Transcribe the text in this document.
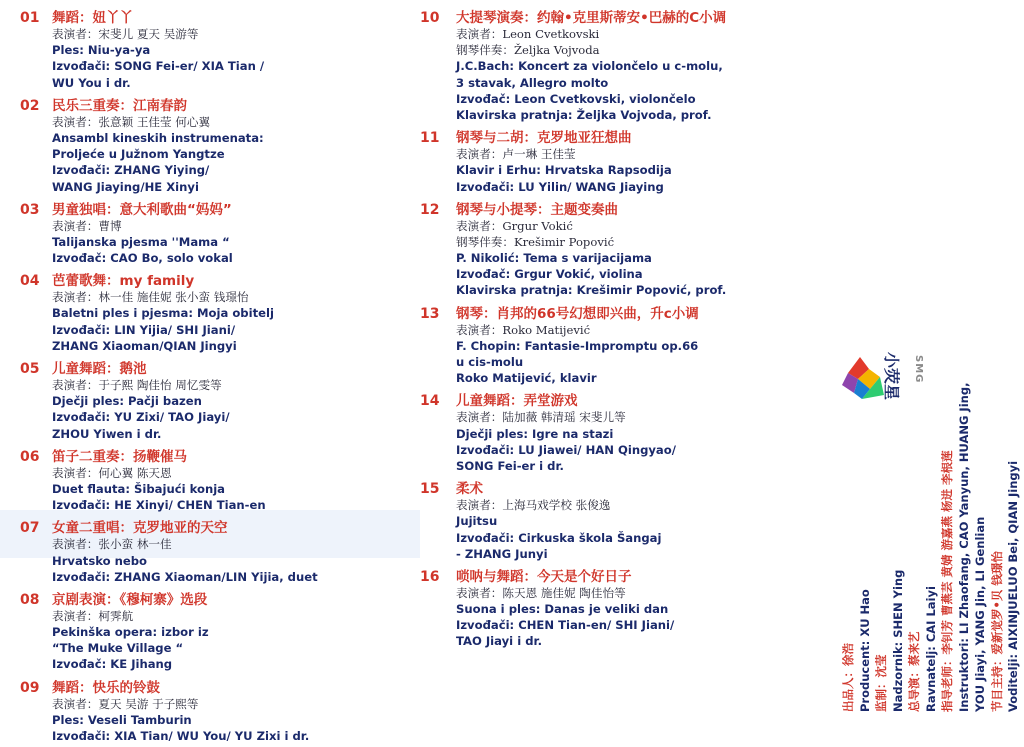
01 舞蹈：妞丫丫
表演者：宋斐儿 夏天 吴游等
Ples: Niu-ya-ya
Izvođači: SONG Fei-er/ XIA Tian /
WU You i dr.
02 民乐三重奏：江南春韵
表演者：张意颖 王佳莹 何心翼
Ansambl kineskih instrumenata:
Proljeće u Južnom Yangtze
Izvođači: ZHANG Yiying/
WANG Jiaying/HE Xinyi
03 男童独唱：意大利歌曲“妈妈”
表演者：曹博
Talijanska pjesma ''Mama “
Izvođač: CAO Bo, solo vokal
04 芭蕾歌舞：my family
表演者：林一佳 施佳妮 张小蛮 钱璟怡
Baletni ples i pjesma: Moja obitelj
Izvođači: LIN Yijia/ SHI Jiani/
ZHANG Xiaoman/QIAN Jingyi
05 儿童舞蹈：鹅池
表演者：于子熙 陶佳怡 周忆雯等
Dječji ples: Pačji bazen
Izvođači: YU Zixi/ TAO Jiayi/
ZHOU Yiwen i dr.
06 笛子二重奏：扬鞭催马
表演者：何心翼 陈天恩
Duet flauta: Šibajući konja
Izvođači: HE Xinyi/ CHEN Tian-en
07 女童二重唱：克罗地亚的天空
表演者：张小蛮 林一佳
Hrvatsko nebo
Izvođači: ZHANG Xiaoman/LIN Yijia, duet
08 京剧表演：《穆柯寨》选段
表演者：柯霁航
Pekinška opera: izbor iz
“The Muke Village “
Izvođač: KE Jihang
09 舞蹈：快乐的铃鼓
表演者：夏天 吴游 于子熙等
Ples: Veseli Tamburin
Izvođači: XIA Tian/ WU You/ YU Zixi i dr.
10	大提琴演奏：约翰•克里斯蒂安•巴赫的C小调
表演者：Leon Cvetkovski
钢琴伴奏：Željka Vojvoda
J.C.Bach: Koncert za violončelo u c-molu,
3 stavak, Allegro molto
Izvođač: Leon Cvetkovski, violončelo
Klavirska pratnja: Željka Vojvoda, prof.
11	钢琴与二胡：克罗地亚狂想曲
表演者：卢一琳 王佳莹
Klavir i Erhu: Hrvatska Rapsodija
Izvođači: LU Yilin/ WANG Jiaying
12	钢琴与小提琴：主题变奏曲
表演者：Grgur Vokić
钢琴伴奏：Krešimir Popović
P. Nikolić: Tema s varijacijama
Izvođač: Grgur Vokić, violina
Klavirska pratnja: Krešimir Popović, prof.
13	钢琴：肖邦的66号幻想即兴曲，升c小调
表演者：Roko Matijević
F. Chopin: Fantasie-Impromptu op.66
u cis-molu
Roko Matijević, klavir
14	儿童舞蹈：弄堂游戏
表演者：陆加薇 韩清瑶 宋斐儿等
Dječji ples: Igre na stazi
Izvođači: LU Jiawei/ HAN Qingyao/
SONG Fei-er i dr.
15	柔术
表演者：上海马戏学校 张俊逸
Jujitsu
Izvođači: Cirkuska škola Šangaj
- ZHANG Junyi
16	唢呐与舞蹈：今天是个好日子
表演者：陈天恩 施佳妮 陶佳怡等
Suona i ples: Danas je veliki dan
Izvođači: CHEN Tian-en/ SHI Jiani/
TAO Jiayi i dr.
小荧星	SMG
出品人：徐浩 Producent: XU Hao 监制：沈莹 Nadzornik: SHEN Ying 总导演：蔡来艺 Ravnatelj: CAI Laiyi 指导老师：李钊芳 曹燕芸 黄婧 游嘉燕 杨进 李根莲 Instruktori: LI Zhaofang, CAO Yanyun, HUANG Jing, YOU Jiayi, YANG Jin, LI Genlian 节目主持：爱新觉罗•贝 钱璟怡 Voditelji: AIXINJUELUO Bei, QIAN Jingyi
